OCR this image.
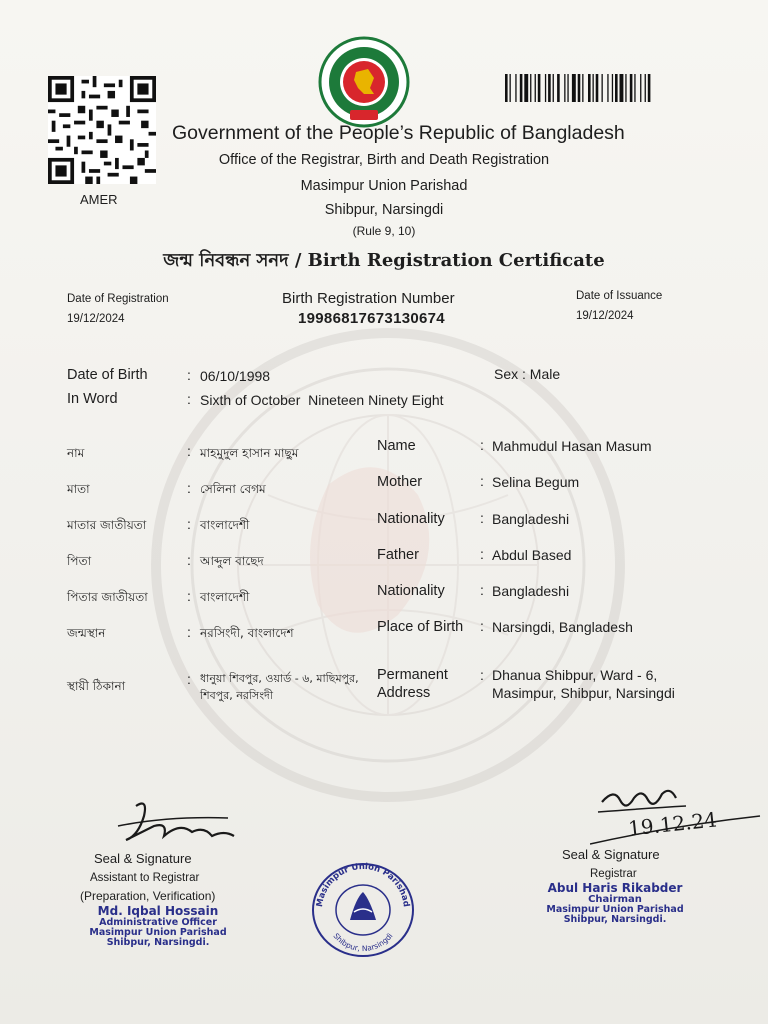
AMER
Government of the People’s Republic of Bangladesh
Office of the Registrar, Birth and Death Registration
Masimpur Union Parishad
Shibpur, Narsingdi
(Rule 9, 10)
জন্ম নিবন্ধন সনদ / Birth Registration Certificate
Date of Registration
19/12/2024
Birth Registration Number
19986817673130674
Date of Issuance
19/12/2024
Date of Birth	: 06/10/1998	Sex : Male
In Word	: Sixth of October  Nineteen Ninety Eight
নাম	: মাহমুদুল হাসান মাছুম
মাতা	: সেলিনা বেগম
মাতার জাতীয়তা	: বাংলাদেশী
পিতা	: আব্দুল বাছেদ
পিতার জাতীয়তা	: বাংলাদেশী
জন্মস্থান	: নরসিংদী, বাংলাদেশ
স্থায়ী ঠিকানা	: ধানুয়া শিবপুর, ওয়ার্ড - ৬, মাছিমপুর,
শিবপুর, নরসিংদী
Name	: Mahmudul Hasan Masum
Mother	: Selina Begum
Nationality	: Bangladeshi
Father	: Abdul Based
Nationality	: Bangladeshi
Place of Birth : Narsingdi, Bangladesh
Permanent
Address
: Dhanua Shibpur, Ward - 6,
Masimpur, Shibpur, Narsingdi
Seal & Signature
Assistant to Registrar
(Preparation, Verification)
Md. Iqbal Hossain
Administrative Officer
Masimpur Union Parishad
Shibpur, Narsingdi.
Masimpur Union Parishad
Shibpur, Narsingdi
19.12.24
Seal & Signature
Registrar
Abul Haris Rikabder
Chairman
Masimpur Union Parishad
Shibpur, Narsingdi.
